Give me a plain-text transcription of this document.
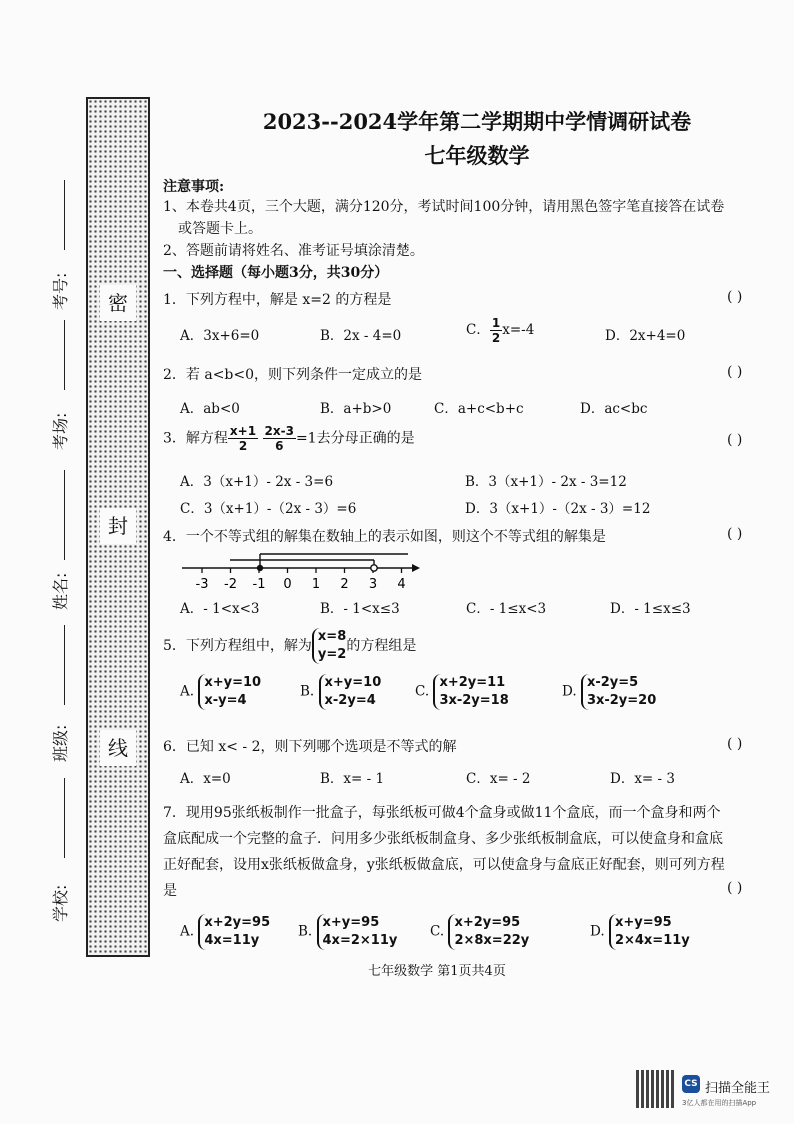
密
封
线
考号:
考场:
姓名:
班级:
学校:
2023--2024学年第二学期期中学情调研试卷
七年级数学
注意事项:
1、本卷共4页，三个大题，满分120分，考试时间100分钟，请用黑色签字笔直接答在试卷
或答题卡上。
2、答题前请将姓名、准考证号填涂清楚。
一、选择题（每小题3分，共30分）
1．下列方程中，解是 x=2 的方程是	( )
A．3x+6=0	B．2x - 4=0	C． $\frac{1}{2} x=-4$	D．2x+4=0
2．若 a<b<0，则下列条件一定成立的是	( )
A．ab<0	B．a+b>0	C．a+c<b+c	D．ac<bc
3．解方程 $\frac{x+1}{2}$
$\frac{2x-3}{6} =1$去分母正确的是	( )
A．3（x+1）- 2x - 3=6	B．3（x+1）- 2x - 3=12
C．3（x+1）-（2x - 3）=6	D．3（x+1）-（2x - 3）=12
4．一个不等式组的解集在数轴上的表示如图，则这个不等式组的解集是	( )
-3 -2 -1 0 1 2 3 4
A．- 1<x<3	B．- 1<x≤3	C．- 1≤x<3	D．- 1≤x≤3
5．下列方程组中，解为
x=8
y=2
的方程组是
A.
x+y=10
x-y=4
B.
x+y=10
x-2y=4
C.
x+2y=11
3x-2y=18
D.
x-2y=5
3x-2y=20
6．已知 x< - 2，则下列哪个选项是不等式的解	( )
A．x=0	B．x= - 1	C．x= - 2	D．x= - 3
7．现用95张纸板制作一批盒子，每张纸板可做4个盒身或做11个盒底，而一个盒身和两个
盒底配成一个完整的盒子．问用多少张纸板制盒身、多少张纸板制盒底，可以使盒身和盒底
正好配套，设用x张纸板做盒身，y张纸板做盒底，可以使盒身与盒底正好配套，则可列方程
是	( )
A.
x+2y=95
4x=11y
B.
x+y=95
4x=2×11y
C.
x+2y=95
2×8x=22y
D.
x+y=95
2×4x=11y
七年级数学 第1页共4页
CS 扫描全能王
3亿人都在用的扫描App
